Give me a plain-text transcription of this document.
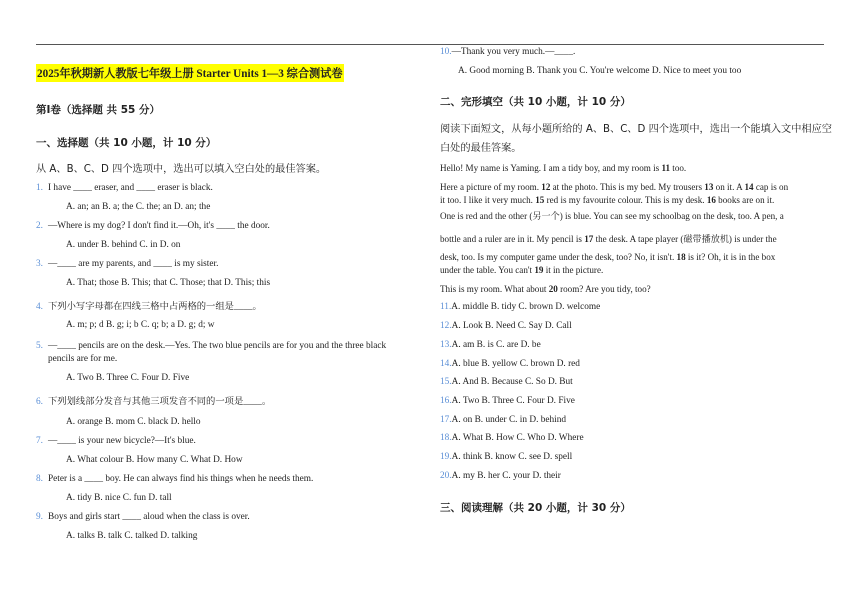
2025年秋期新人教版七年级上册 Starter Units 1—3 综合测试卷
第Ⅰ卷（选择题 共 55 分）
一、选择题（共 10 小题，计 10 分）
从 A、B、C、D 四个选项中，选出可以填入空白处的最佳答案。
1. I have ____ eraser, and ____ eraser is black.
A. an; an B. a; the C. the; an D. an; the
2. —Where is my dog? I don't find it.—Oh, it's ____ the door.
A. under B. behind C. in D. on
3. —____ are my parents, and ____ is my sister.
A. That; those B. This; that C. Those; that D. This; this
4. 下列小写字母都在四线三格中占两格的一组是____。
A. m; p; d B. g; i; b C. q; b; a D. g; d; w
5. —____ pencils are on the desk.—Yes. The two blue pencils are for you and the three black
pencils are for me.
A. Two B. Three C. Four D. Five
6. 下列划线部分发音与其他三项发音不同的一项是____。
A. orange B. mom C. black D. hello
7. —____ is your new bicycle?—It's blue.
A. What colour B. How many C. What D. How
8. Peter is a ____ boy. He can always find his things when he needs them.
A. tidy B. nice C. fun D. tall
9. Boys and girls start ____ aloud when the class is over.
A. talks B. talk C. talked D. talking
10.—Thank you very much.—____.
A. Good morning B. Thank you C. You're welcome D. Nice to meet you too
二、完形填空（共 10 小题，计 10 分）
阅读下面短文，从每小题所给的 A、B、C、D 四个选项中，选出一个能填入文中相应空
白处的最佳答案。
Hello! My name is Yaming. I am a tidy boy, and my room is 11 too.
Here a picture of my room. 12 at the photo. This is my bed. My trousers 13 on it. A 14 cap is on
it too. I like it very much. 15 red is my favourite colour. This is my desk. 16 books are on it.
One is red and the other (另一个) is blue. You can see my schoolbag on the desk, too. A pen, a
bottle and a ruler are in it. My pencil is 17 the desk. A tape player (磁带播放机) is under the
desk, too. Is my computer game under the desk, too? No, it isn't. 18 is it? Oh, it is in the box
under the table. You can't 19 it in the picture.
This is my room. What about 20 room? Are you tidy, too?
11.A. middle B. tidy C. brown D. welcome
12.A. Look B. Need C. Say D. Call
13.A. am B. is C. are D. be
14.A. blue B. yellow C. brown D. red
15.A. And B. Because C. So D. But
16.A. Two B. Three C. Four D. Five
17.A. on B. under C. in D. behind
18.A. What B. How C. Who D. Where
19.A. think B. know C. see D. spell
20.A. my B. her C. your D. their
三、阅读理解（共 20 小题，计 30 分）
